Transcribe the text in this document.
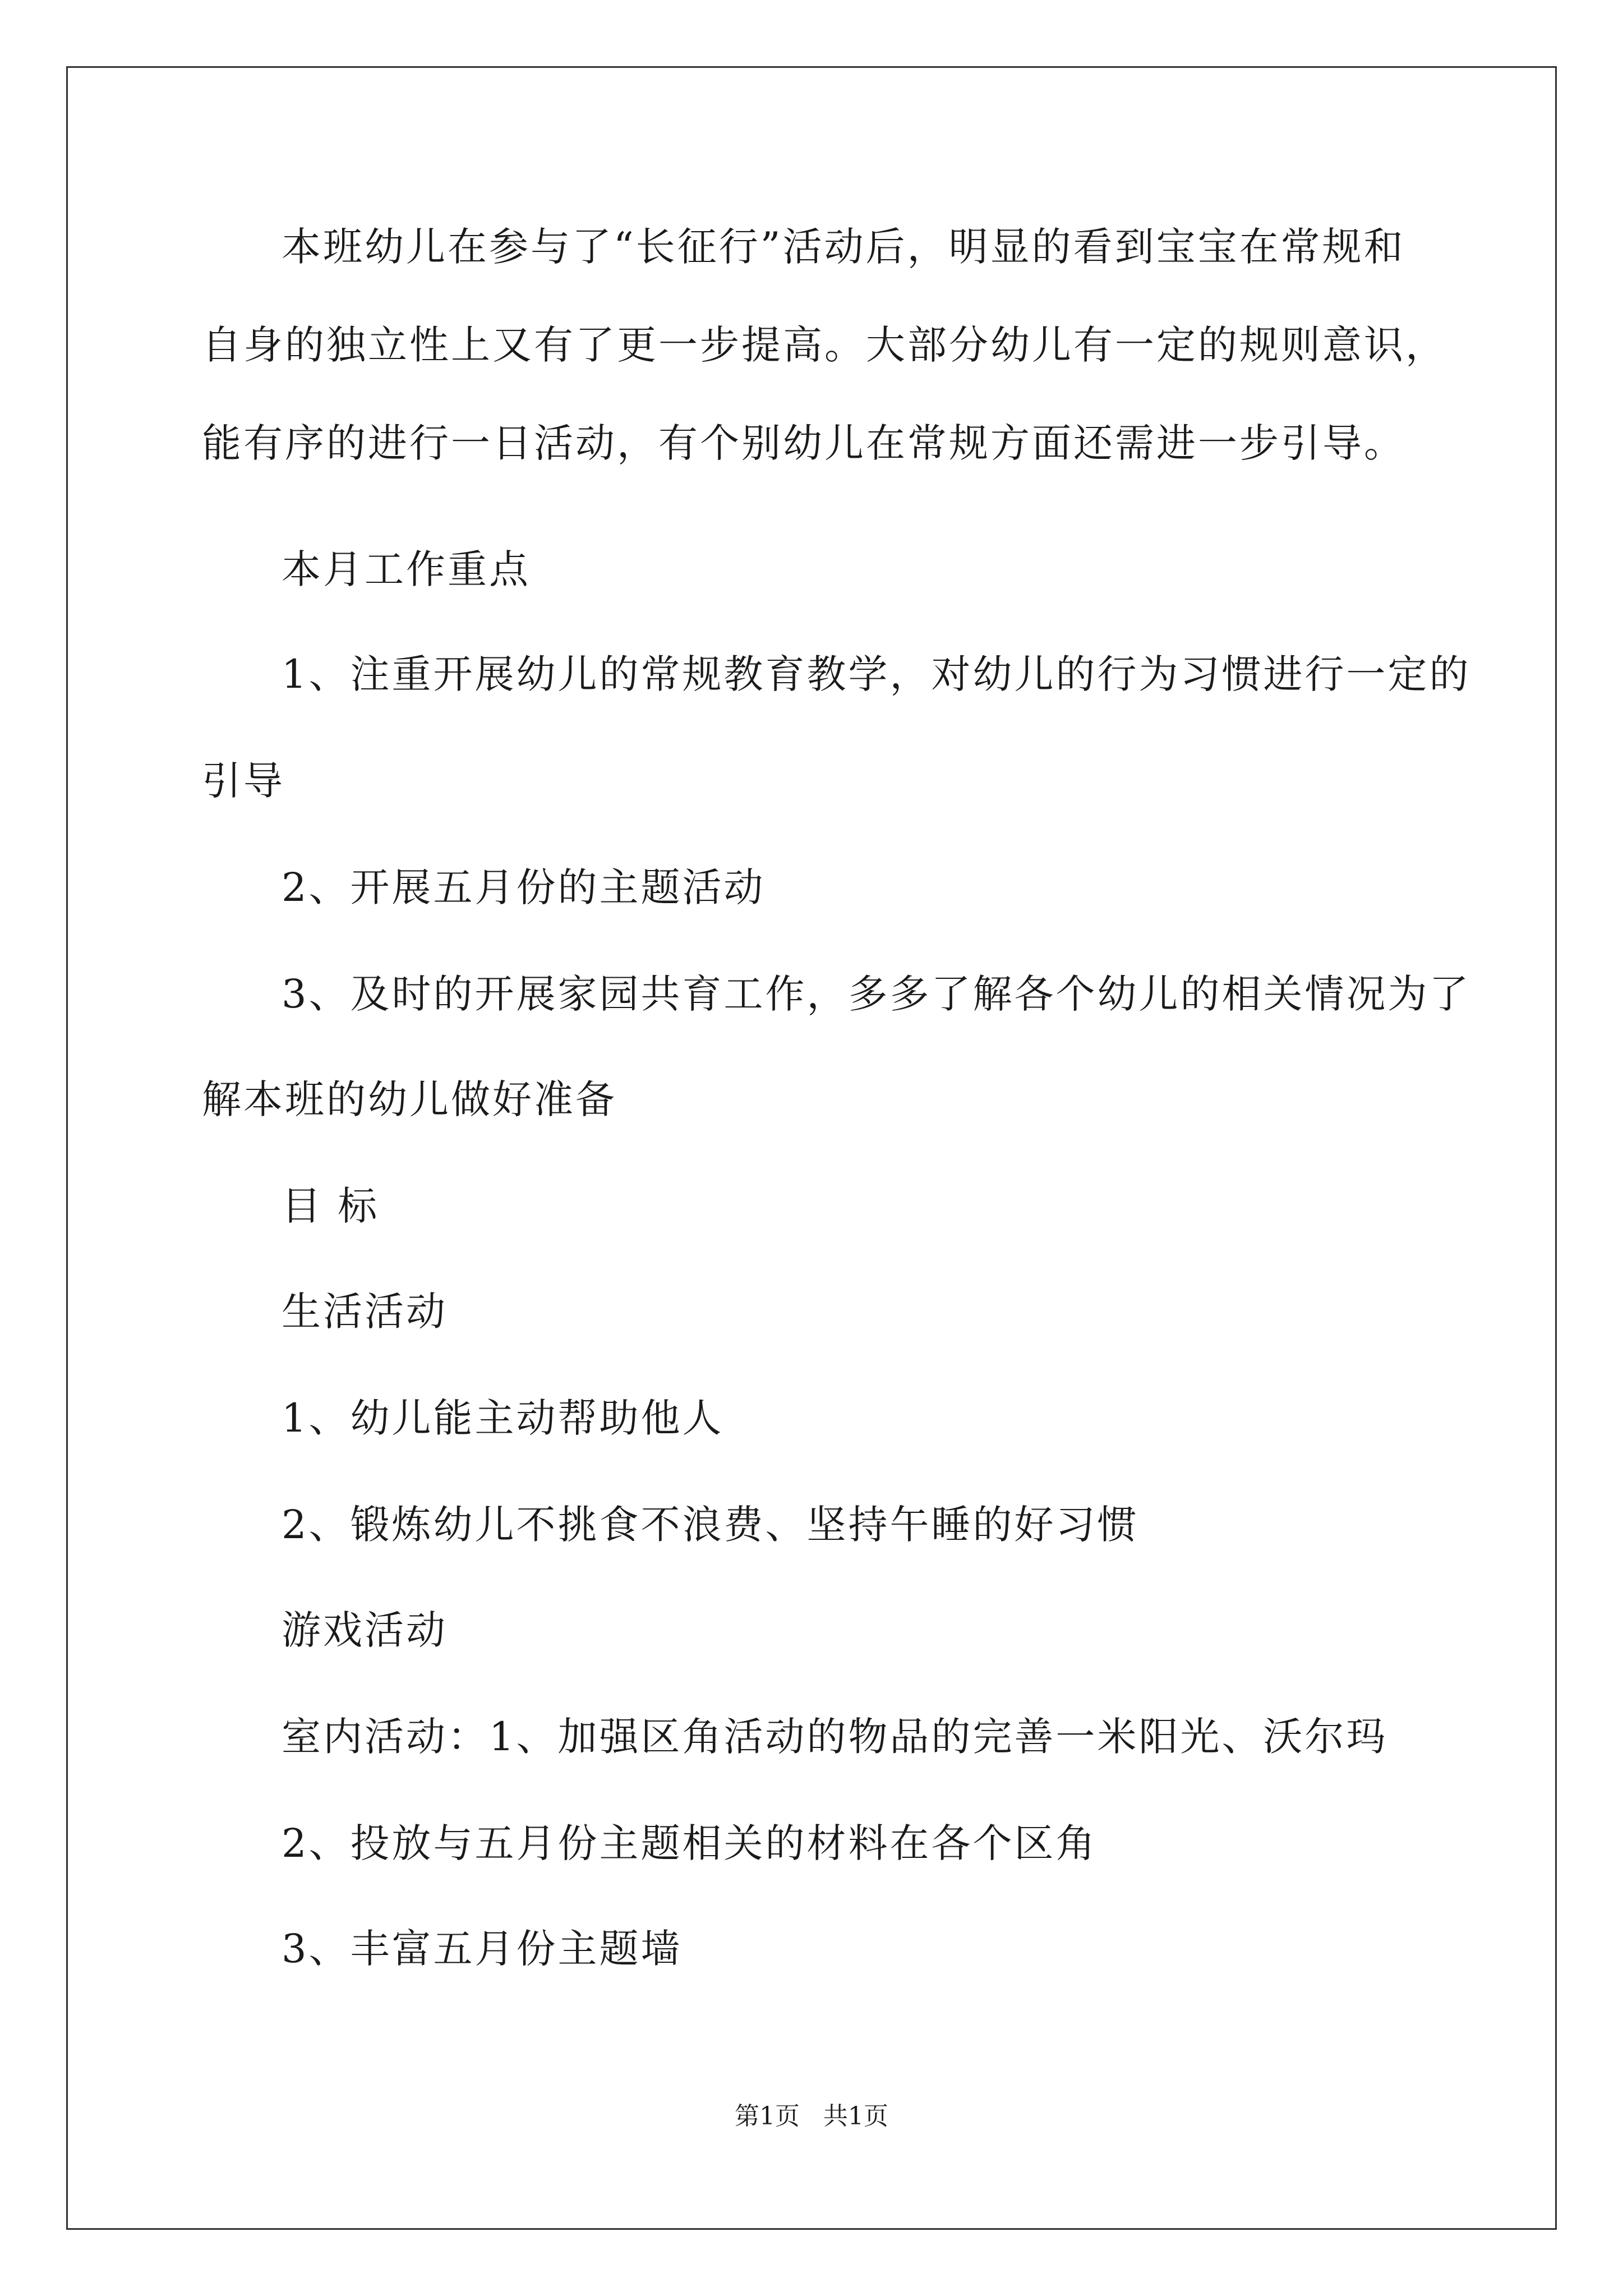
本班幼儿在参与了“长征行”活动后，明显的看到宝宝在常规和
自身的独立性上又有了更一步提高。大部分幼儿有一定的规则意识，
能有序的进行一日活动，有个别幼儿在常规方面还需进一步引导。
本月工作重点
1、注重开展幼儿的常规教育教学，对幼儿的行为习惯进行一定的
引导
2、开展五月份的主题活动
3、及时的开展家园共育工作，多多了解各个幼儿的相关情况为了
解本班的幼儿做好准备
目 标
生活活动
1、幼儿能主动帮助他人
2、锻炼幼儿不挑食不浪费、坚持午睡的好习惯
游戏活动
室内活动：1、加强区角活动的物品的完善一米阳光、沃尔玛
2、投放与五月份主题相关的材料在各个区角
3、丰富五月份主题墙
第1页   共1页
